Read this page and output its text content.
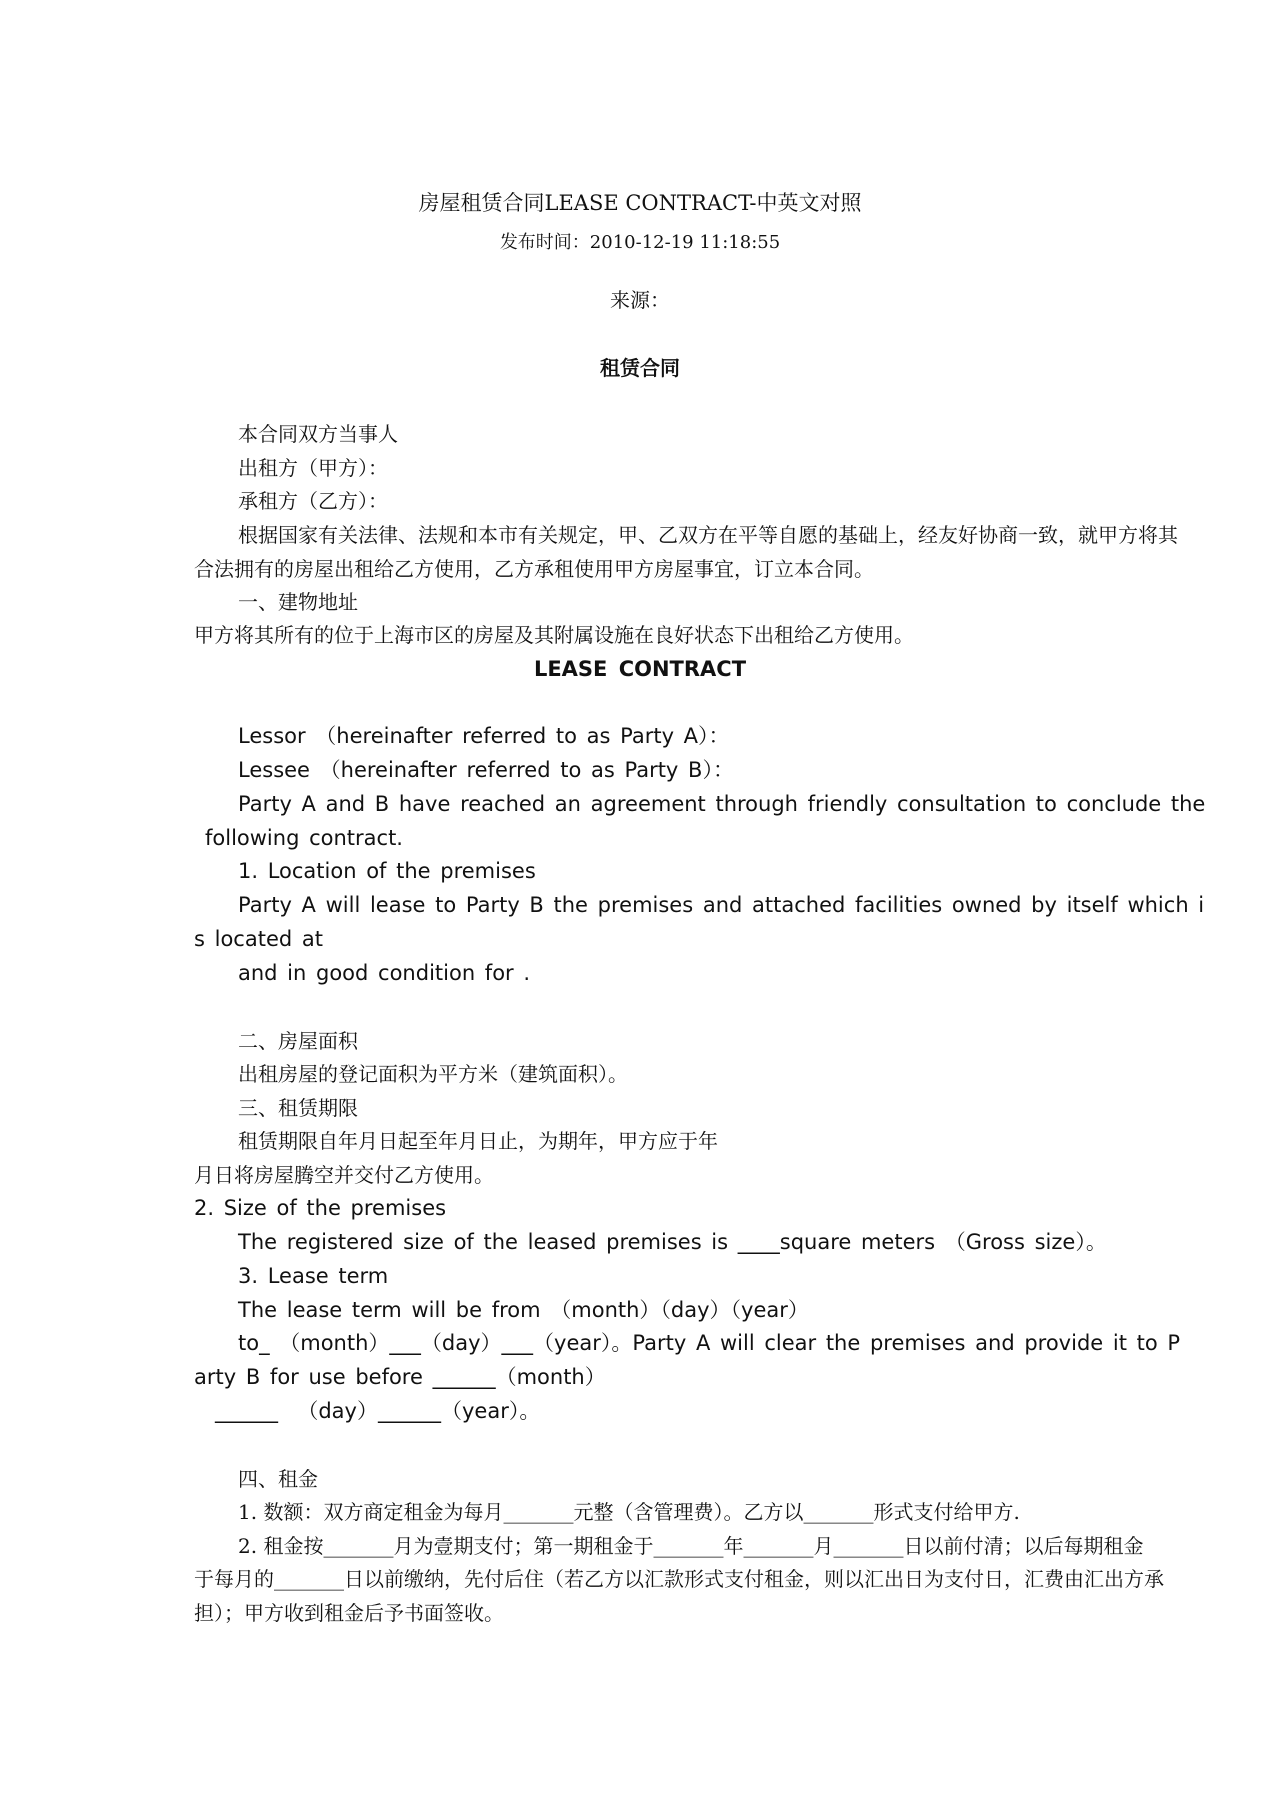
房屋租赁合同LEASE CONTRACT-中英文对照
发布时间：2010-12-19 11:18:55
来源：
租赁合同
本合同双方当事人
出租方（甲方）：
承租方（乙方）：
根据国家有关法律、法规和本市有关规定，甲、乙双方在平等自愿的基础上，经友好协商一致，就甲方将其
合法拥有的房屋出租给乙方使用，乙方承租使用甲方房屋事宜，订立本合同。
一、建物地址
甲方将其所有的位于上海市区的房屋及其附属设施在良好状态下出租给乙方使用。
LEASE CONTRACT
Lessor （hereinafter referred to as Party A）：
Lessee （hereinafter referred to as Party B）：
Party A and B have reached an agreement through friendly consultation to conclude the
following contract.
1. Location of the premises
Party A will lease to Party B the premises and attached facilities owned by itself which i
s located at
and in good condition for .
二、房屋面积
出租房屋的登记面积为平方米（建筑面积）。
三、租赁期限
租赁期限自年月日起至年月日止，为期年，甲方应于年
月日将房屋腾空并交付乙方使用。
2. Size of the premises
The registered size of the leased premises is ____square meters （Gross size）。
3. Lease term
The lease term will be from （month）（day）（year）
to_ （month）___（day）___（year）。Party A will clear the premises and provide it to P
arty B for use before ______（month）
______  （day）______（year）。
四、租金
1. 数额：双方商定租金为每月_______元整（含管理费）。乙方以_______形式支付给甲方.
2. 租金按_______月为壹期支付；第一期租金于_______年_______月_______日以前付清；以后每期租金
于每月的_______日以前缴纳，先付后住（若乙方以汇款形式支付租金，则以汇出日为支付日，汇费由汇出方承
担）；甲方收到租金后予书面签收。
